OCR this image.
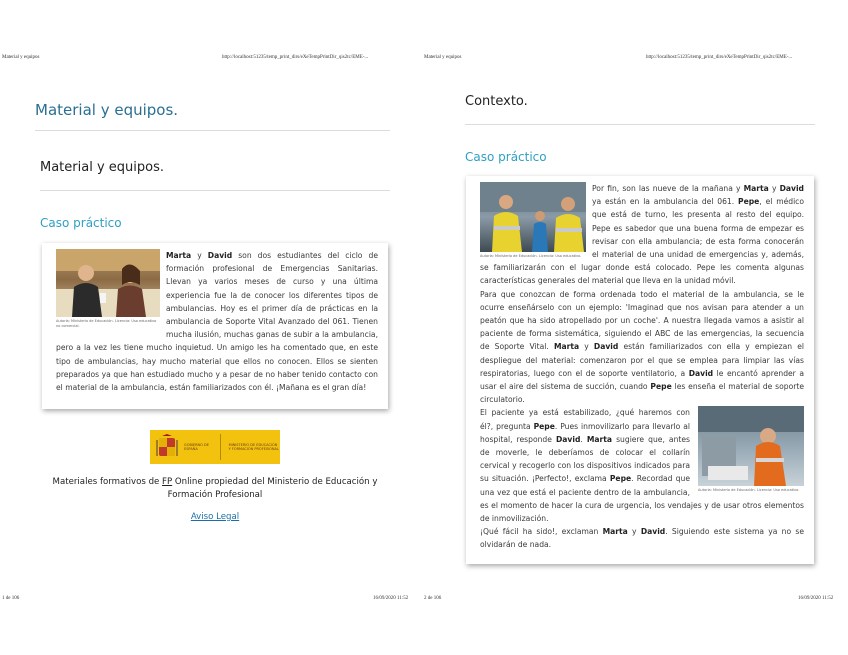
Material y equipos	http://localhost:51235/temp_print_dirs/eXeTempPrintDir_qis2tc/EME-...	Material y equipos	http://localhost:51235/temp_print_dirs/eXeTempPrintDir_qis2tc/EME-...
Material y equipos.
Material y equipos.
Caso práctico
Autoría: Ministerio de Educación. Licencia: Uso educativo no comercial.

Marta y David son dos estudiantes del ciclo de formación profesional de Emergencias Sanitarias. Llevan ya varios meses de curso y una última experiencia fue la de conocer los diferentes tipos de ambulancias. Hoy es el primer día de prácticas en la ambulancia de Soporte Vital Avanzado del 061. Tienen mucha ilusión, muchas ganas de subir a la ambulancia, pero a la vez les tiene mucho inquietud. Un amigo les ha comentado que, en este tipo de ambulancias, hay mucho material que ellos no conocen. Ellos se sienten preparados ya que han estudiado mucho y a pesar de no haber tenido contacto con el material de la ambulancia, están familiarizados con él. ¡Mañana es el gran día!

GOBIERNO DE ESPAÑA
MINISTERIO DE EDUCACIÓN Y FORMACIÓN PROFESIONAL
Materiales formativos de FP Online propiedad del Ministerio de Educación y Formación Profesional
Aviso Legal
Contexto.
Caso práctico
Autoría: Ministerio de Educación. Licencia: Uso educativo.

Por fin, son las nueve de la mañana y Marta y David ya están en la ambulancia del 061. Pepe, el médico que está de turno, les presenta al resto del equipo. Pepe es sabedor que una buena forma de empezar es revisar con ella ambulancia; de esta forma conocerán el material de una unidad de emergencias y, además, se familiarizarán con el lugar donde está colocado. Pepe les comenta algunas características generales del material que lleva en la unidad móvil.

Para que conozcan de forma ordenada todo el material de la ambulancia, se le ocurre enseñárselo con un ejemplo: 'Imaginad que nos avisan para atender a un peatón que ha sido atropellado por un coche'. A nuestra llegada vamos a asistir al paciente de forma sistemática, siguiendo el ABC de las emergencias, la secuencia de Soporte Vital. Marta y David están familiarizados con ella y empiezan el despliegue del material: comenzaron por el que se emplea para limpiar las vías respiratorias, luego con el de soporte ventilatorio, a David le encantó aprender a usar el aire del sistema de succión, cuando Pepe les enseña el material de soporte circulatorio.

Autoría: Ministerio de Educación. Licencia: Uso educativo.

El paciente ya está estabilizado, ¿qué haremos con él?, pregunta Pepe. Pues inmovilizarlo para llevarlo al hospital, responde David. Marta sugiere que, antes de moverle, le deberíamos de colocar el collarín cervical y recogerlo con los dispositivos indicados para su situación. ¡Perfecto!, exclama Pepe. Recordad que una vez que está el paciente dentro de la ambulancia, es el momento de hacer la cura de urgencia, los vendajes y de usar otros elementos de inmovilización.

¡Qué fácil ha sido!, exclaman Marta y David. Siguiendo este sistema ya no se olvidarán de nada.

1 de 106	16/09/2020 11:52	2 de 106	16/09/2020 11:52
